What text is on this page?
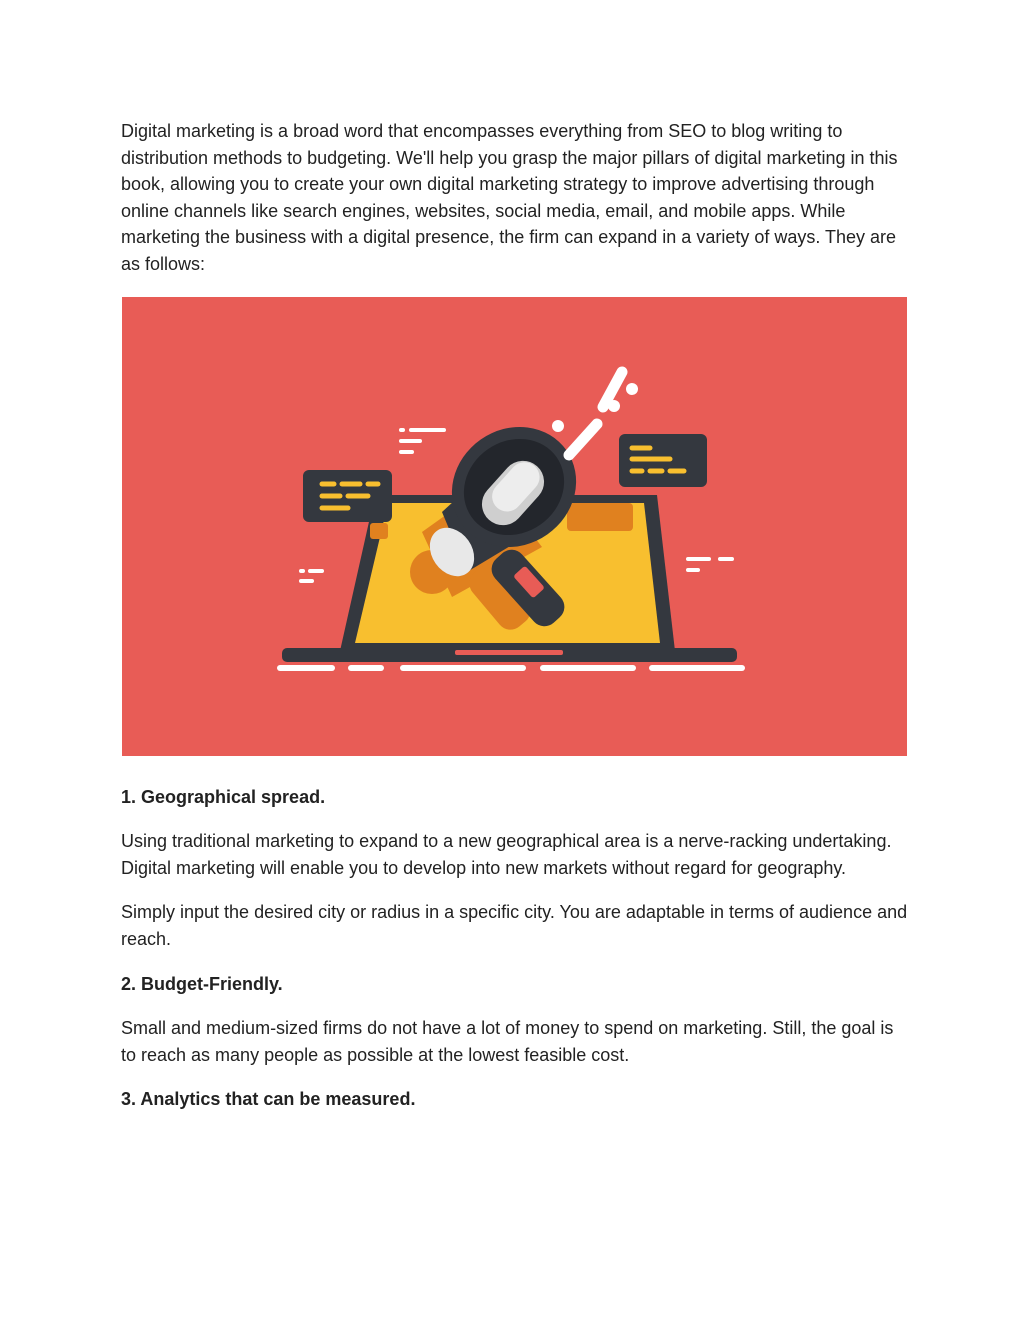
Digital marketing is a broad word that encompasses everything from SEO to blog writing to distribution methods to budgeting. We'll help you grasp the major pillars of digital marketing in this book, allowing you to create your own digital marketing strategy to improve advertising through online channels like search engines, websites, social media, email, and mobile apps. While marketing the business with a digital presence, the firm can expand in a variety of ways. They are as follows:

1. Geographical spread.

Using traditional marketing to expand to a new geographical area is a nerve-racking undertaking. Digital marketing will enable you to develop into new markets without regard for geography.

Simply input the desired city or radius in a specific city. You are adaptable in terms of audience and reach.

2. Budget-Friendly.

Small and medium-sized firms do not have a lot of money to spend on marketing. Still, the goal is to reach as many people as possible at the lowest feasible cost.

3. Analytics that can be measured.
